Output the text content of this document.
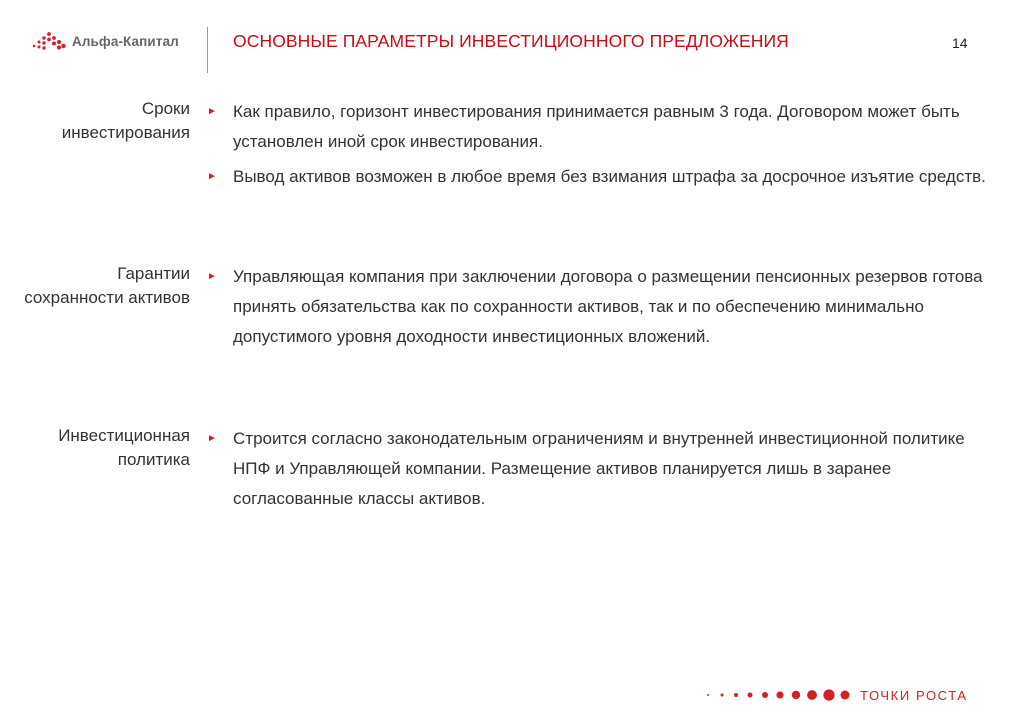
Альфа-Капитал	ОСНОВНЫЕ ПАРАМЕТРЫ ИНВЕСТИЦИОННОГО ПРЕДЛОЖЕНИЯ	14
Сроки инвестирования
► Как правило, горизонт инвестирования принимается равным 3 года. Договором может быть установлен иной срок инвестирования.
► Вывод активов возможен в любое время без взимания штрафа за досрочное изъятие средств.
Гарантии сохранности активов
► Управляющая компания при заключении договора о размещении пенсионных резервов готова принять обязательства как по сохранности активов, так и по обеспечению минимально допустимого уровня доходности инвестиционных вложений.
Инвестиционная политика
► Строится согласно законодательным ограничениям и внутренней инвестиционной политике НПФ и Управляющей компании. Размещение активов планируется лишь в заранее согласованные классы активов.
ТОЧКИ РОСТА
